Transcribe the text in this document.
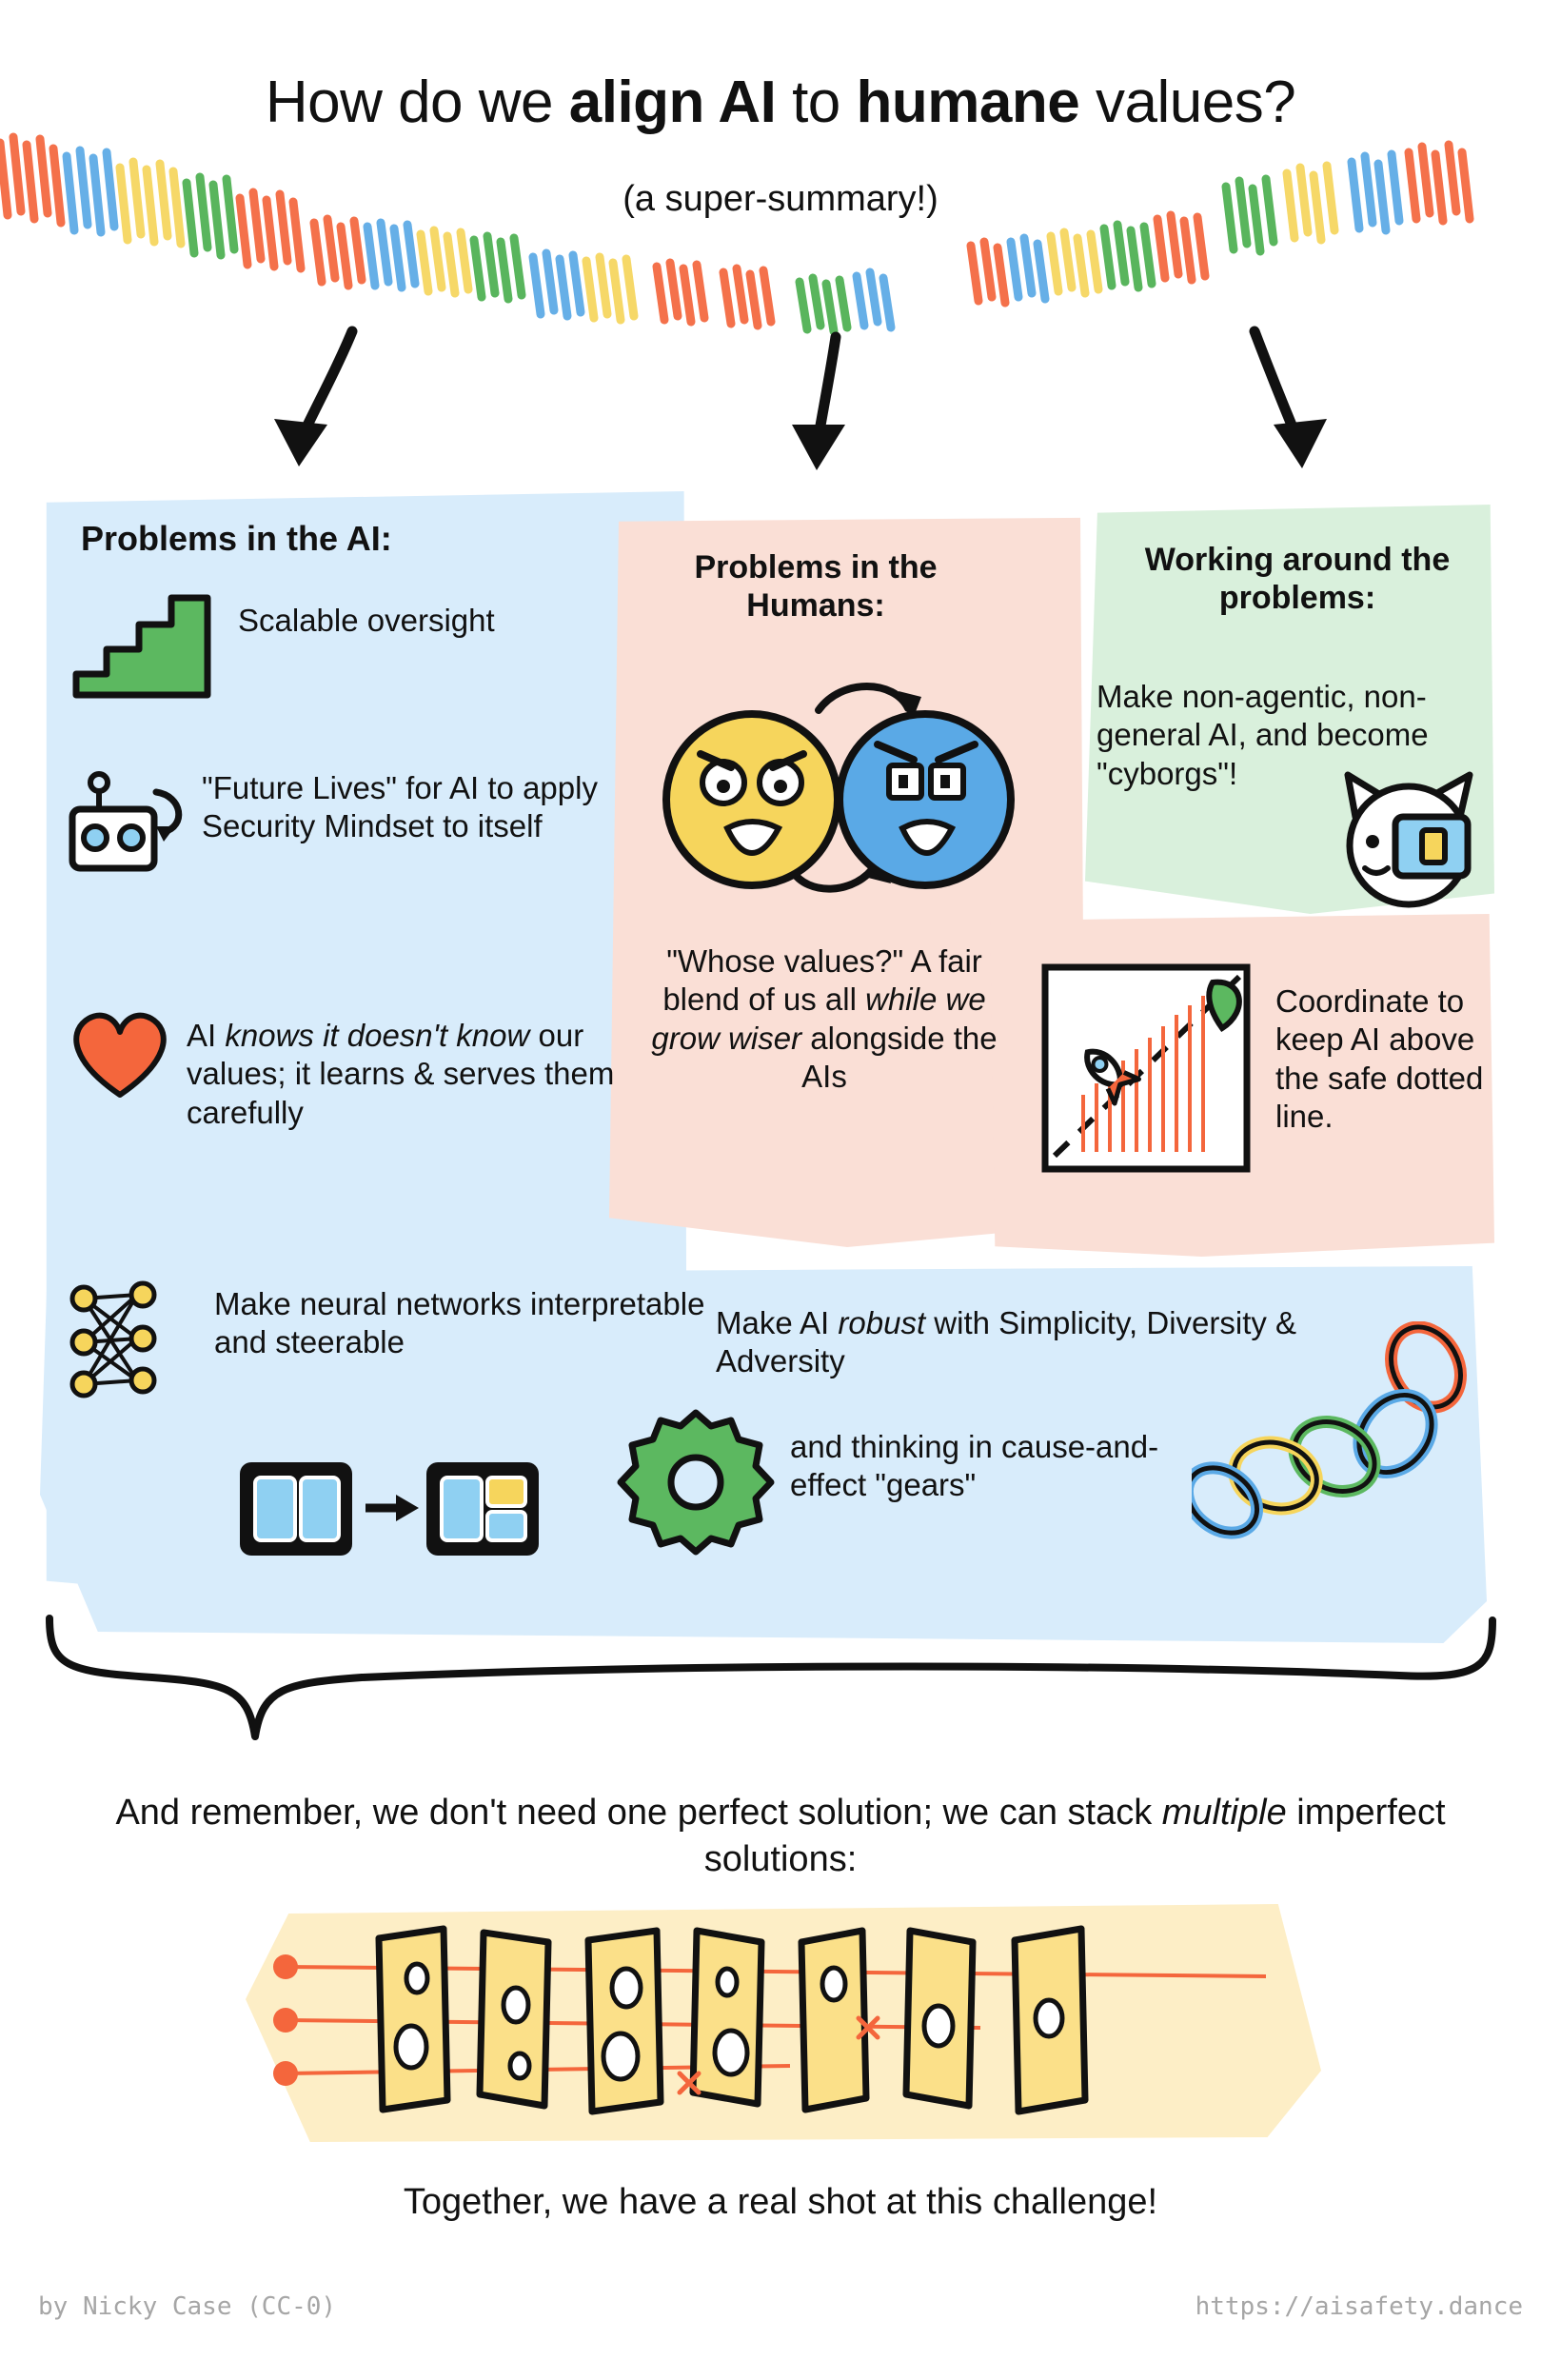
How do we align AI to humane values?
(a super-summary!)
Problems in the AI:
Problems in the Humans:
Working around the problems:
Scalable oversight
"Future Lives" for AI to apply Security Mindset to itself
AI knows it doesn't know our values; it learns & serves them carefully
Make neural networks interpretable and steerable
"Whose values?" A fair blend of us all while we grow wiser alongside the AIs
Make non-agentic, non-general AI, and become "cyborgs"!
Coordinate to keep AI above the safe dotted line.
Make AI robust with Simplicity, Diversity & Adversity
and thinking in cause-and-effect "gears"
And remember, we don't need one perfect solution; we can stack multiple imperfect solutions:
Together, we have a real shot at this challenge!
by Nicky Case (CC-0)	https://aisafety.dance
